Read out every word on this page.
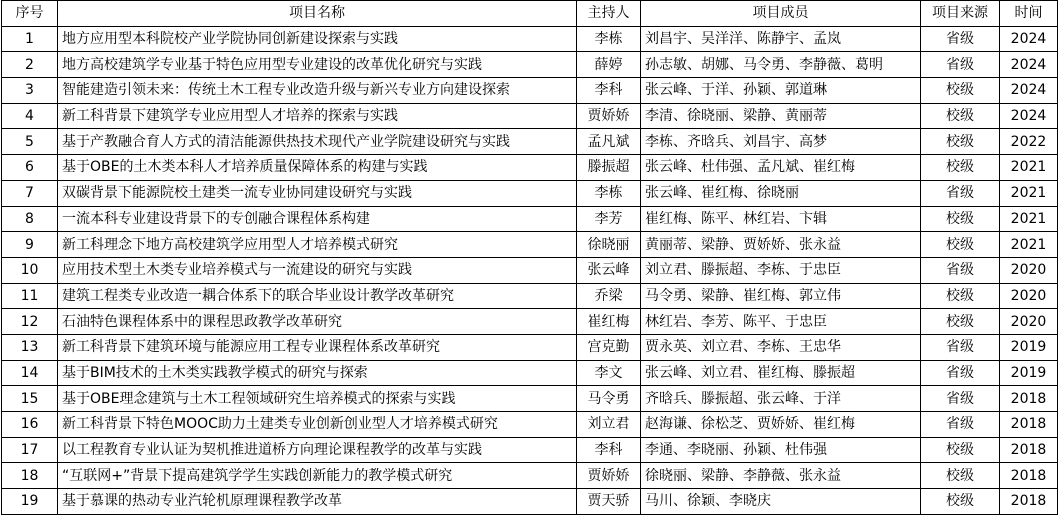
序号	项目名称	主持人	项目成员	项目来源	时间
1	地方应用型本科院校产业学院协同创新建设探索与实践	李栋	刘昌宇、吴洋洋、陈静宇、孟岚	省级	2024
2	地方高校建筑学专业基于特色应用型专业建设的改革优化研究与实践	薛婷	孙志敏、胡娜、马令勇、李静薇、葛明	省级	2024
3	智能建造引领未来：传统土木工程专业改造升级与新兴专业方向建设探索	李科	张云峰、于洋、孙颖、郭道琳	校级	2024
4	新工科背景下建筑学专业应用型人才培养的探索与实践	贾娇娇	李清、徐晓丽、梁静、黄丽蒂	校级	2024
5	基于产教融合育人方式的清洁能源供热技术现代产业学院建设研究与实践	孟凡斌	李栋、齐晗兵、刘昌宇、高梦	校级	2022
6	基于OBE的土木类本科人才培养质量保障体系的构建与实践	滕振超	张云峰、杜伟强、孟凡斌、崔红梅	校级	2021
7	双碳背景下能源院校土建类一流专业协同建设研究与实践	李栋	张云峰、崔红梅、徐晓丽	省级	2021
8	一流本科专业建设背景下的专创融合课程体系构建	李芳	崔红梅、陈平、林红岩、卞辑	校级	2021
9	新工科理念下地方高校建筑学应用型人才培养模式研究	徐晓丽	黄丽蒂、梁静、贾娇娇、张永益	校级	2021
10	应用技术型土木类专业培养模式与一流建设的研究与实践	张云峰	刘立君、滕振超、李栋、于忠臣	省级	2020
11	建筑工程类专业改造一耦合体系下的联合毕业设计教学改革研究	乔梁	马令勇、梁静、崔红梅、郭立伟	校级	2020
12	石油特色课程体系中的课程思政教学改革研究	崔红梅	林红岩、李芳、陈平、于忠臣	校级	2020
13	新工科背景下建筑环境与能源应用工程专业课程体系改革研究	宫克勤	贾永英、刘立君、李栋、王忠华	省级	2019
14	基于BIM技术的土木类实践教学模式的研究与探索	李文	张云峰、刘立君、崔红梅、滕振超	省级	2019
15	基于OBE理念建筑与土木工程领域研究生培养模式的探索与实践	马令勇	齐晗兵、滕振超、张云峰、于洋	省级	2018
16	新工科背景下特色MOOC助力土建类专业创新创业型人才培养模式研究	刘立君	赵海谦、徐松芝、贾娇娇、崔红梅	省级	2018
17	以工程教育专业认证为契机推进道桥方向理论课程教学的改革与实践	李科	李通、李晓丽、孙颖、杜伟强	校级	2018
18	“互联网+”背景下提高建筑学学生实践创新能力的教学模式研究	贾娇娇	徐晓丽、梁静、李静薇、张永益	校级	2018
19	基于慕课的热动专业汽轮机原理课程教学改革	贾天骄	马川、徐颖、李晓庆	校级	2018
